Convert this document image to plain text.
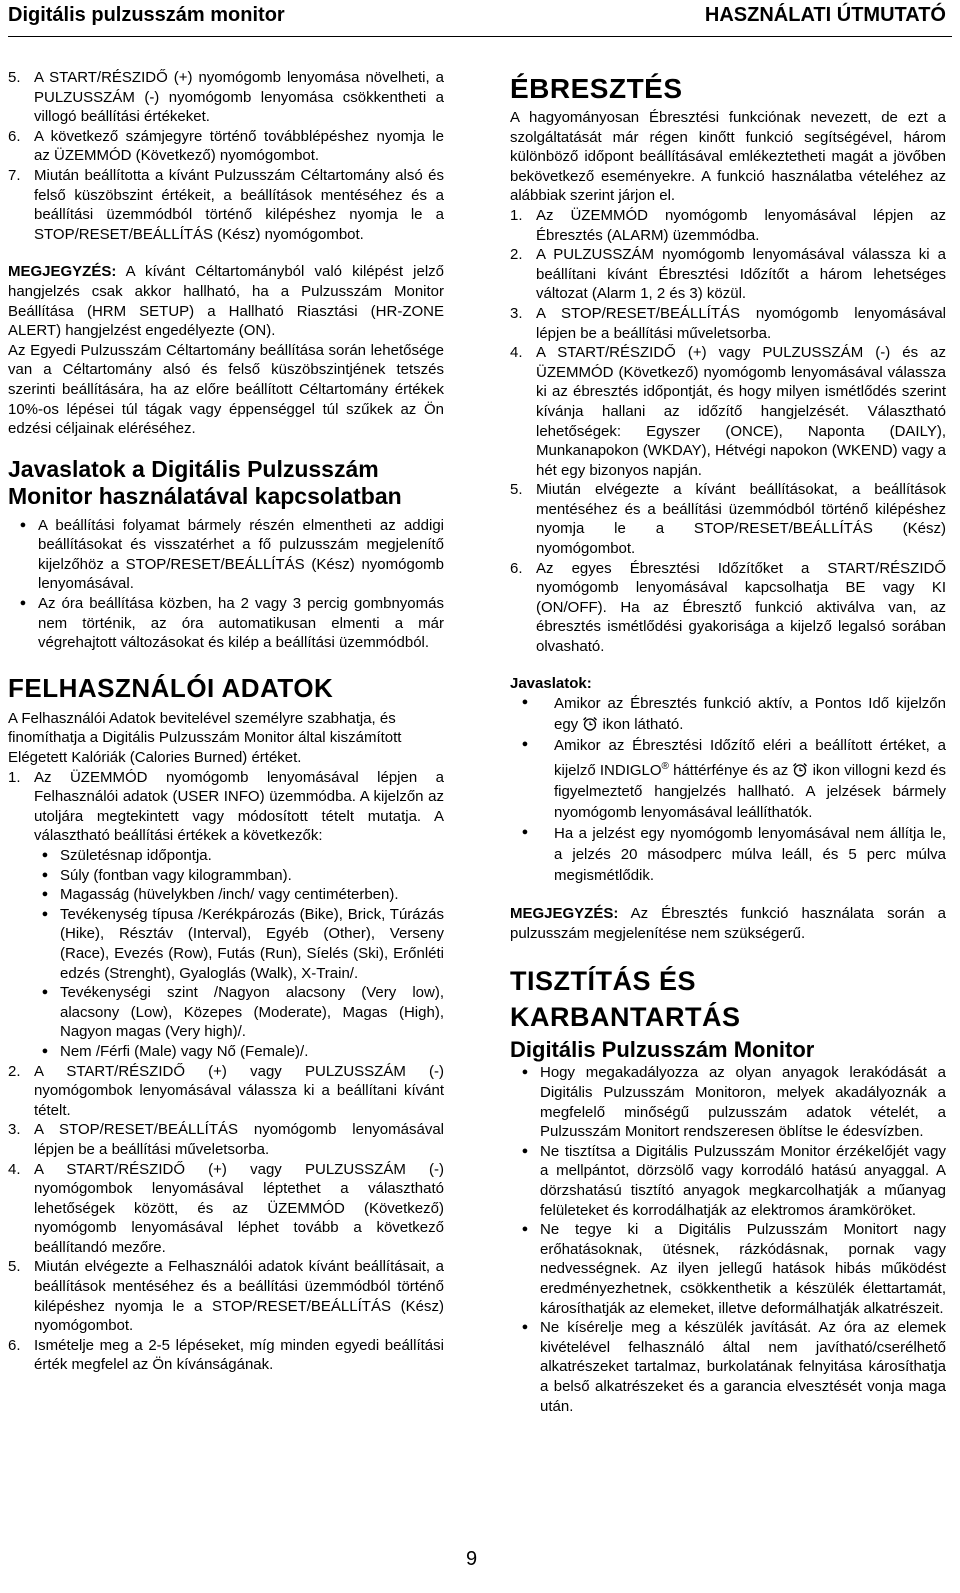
Digitális pulzusszám monitor	HASZNÁLATI ÚTMUTATÓ
5. A START/RÉSZIDŐ (+) nyomógomb lenyomása növelheti, a PULZUSSZÁM (-) nyomógomb lenyomása csökkentheti a villogó beállítási értékeket.
6. A következő számjegyre történő továbblépéshez nyomja le az ÜZEMMÓD (Következő) nyomógombot.
7. Miután beállította a kívánt Pulzusszám Céltartomány alsó és felső küszöbszint értékeit, a beállítások mentéséhez és a beállítási üzemmódból történő kilépéshez nyomja le a STOP/RESET/BEÁLLÍTÁS (Kész) nyomógombot.

MEGJEGYZÉS: A kívánt Céltartományból való kilépést jelző hangjelzés csak akkor hallható, ha a Pulzusszám Monitor Beállítása (HRM SETUP) a Hallható Riasztási (HR-ZONE ALERT) hangjelzést engedélyezte (ON).

Az Egyedi Pulzusszám Céltartomány beállítása során lehetősége van a Céltartomány alsó és felső küszöbszintjének tetszés szerinti beállítására, ha az előre beállított Céltartomány értékek 10%-os lépései túl tágak vagy éppenséggel túl szűkek az Ön edzési céljainak eléréséhez.

Javaslatok a Digitális Pulzusszám
Monitor használatával kapcsolatban
● A beállítási folyamat bármely részén elmentheti az addigi beállításokat és visszatérhet a fő pulzusszám megjelenítő kijelzőhöz a STOP/RESET/BEÁLLÍTÁS (Kész) nyomógomb lenyomásával.
● Az óra beállítása közben, ha 2 vagy 3 percig gombnyomás nem történik, az óra automatikusan elmenti a már végrehajtott változásokat és kilép a beállítási üzemmódból.
FELHASZNÁLÓI ADATOK

A Felhasználói Adatok bevitelével személyre szabhatja, és finomíthatja a Digitális Pulzusszám Monitor által kiszámított Elégetett Kalóriák (Calories Burned) értéket.

1. Az ÜZEMMÓD nyomógomb lenyomásával lépjen a Felhasználói adatok (USER INFO) üzemmódba. A kijelzőn az utoljára megtekintett vagy módosított tételt mutatja. A választható beállítási értékek a következők:
● Születésnap időpontja.
● Súly (fontban vagy kilogrammban).
● Magasság (hüvelykben /inch/ vagy centiméterben).
● Tevékenység típusa /Kerékpározás (Bike), Brick, Túrázás (Hike), Résztáv (Interval), Egyéb (Other), Verseny (Race), Evezés (Row), Futás (Run), Síelés (Ski), Erőnléti edzés (Strenght), Gyaloglás (Walk), X-Train/.
● Tevékenységi szint /Nagyon alacsony (Very low), alacsony (Low), Közepes (Moderate), Magas (High), Nagyon magas (Very high)/.
● Nem /Férfi (Male) vagy Nő (Female)/.
2. A START/RÉSZIDŐ (+) vagy PULZUSSZÁM (-) nyomógombok lenyomásával válassza ki a beállítani kívánt tételt.
3. A STOP/RESET/BEÁLLÍTÁS nyomógomb lenyomásával lépjen be a beállítási műveletsorba.
4. A START/RÉSZIDŐ (+) vagy PULZUSSZÁM (-) nyomógombok lenyomásával léptethet a választható lehetőségek között, és az ÜZEMMÓD (Következő) nyomógomb lenyomásával léphet tovább a következő beállítandó mezőre.
5. Miután elvégezte a Felhasználói adatok kívánt beállításait, a beállítások mentéséhez és a beállítási üzemmódból történő kilépéshez nyomja le a STOP/RESET/BEÁLLÍTÁS (Kész) nyomógombot.
6. Ismételje meg a 2-5 lépéseket, míg minden egyedi beállítási érték megfelel az Ön kívánságának.
ÉBRESZTÉS

A hagyományosan Ébresztési funkciónak nevezett, de ezt a szolgáltatását már régen kinőtt funkció segítségével, három különböző időpont beállításával emlékeztetheti magát a jövőben bekövetkező eseményekre. A funkció használatba vételéhez az alábbiak szerint járjon el.

1. Az ÜZEMMÓD nyomógomb lenyomásával lépjen az Ébresztés (ALARM) üzemmódba.
2. A PULZUSSZÁM nyomógomb lenyomásával válassza ki a beállítani kívánt Ébresztési Időzítőt a három lehetséges változat (Alarm 1, 2 és 3) közül.
3. A STOP/RESET/BEÁLLÍTÁS nyomógomb lenyomásával lépjen be a beállítási műveletsorba.
4. A START/RÉSZIDŐ (+) vagy PULZUSSZÁM (-) és az ÜZEMMÓD (Következő) nyomógomb lenyomásával válassza ki az ébresztés időpontját, és hogy milyen ismétlődés szerint kívánja hallani az időzítő hangjelzését. Választható lehetőségek: Egyszer (ONCE), Naponta (DAILY), Munkanapokon (WKDAY), Hétvégi napokon (WKEND) vagy a hét egy bizonyos napján.
5. Miután elvégezte a kívánt beállításokat, a beállítások mentéséhez és a beállítási üzemmódból történő kilépéshez nyomja le a STOP/RESET/BEÁLLÍTÁS (Kész) nyomógombot.
6. Az egyes Ébresztési Időzítőket a START/RÉSZIDŐ nyomógomb lenyomásával kapcsolhatja BE vagy KI (ON/OFF). Ha az Ébresztő funkció aktiválva van, az ébresztés ismétlődési gyakorisága a kijelző legalsó sorában olvasható.

Javaslatok:

●	Amikor az Ébresztés funkció aktív, a Pontos Idő kijelzőn egy  ikon látható.
●	Amikor az Ébresztési Időzítő eléri a beállított értéket, a kijelző INDIGLO® háttérfénye és az  ikon villogni kezd és figyelmeztető hangjelzés hallható. A jelzések bármely nyomógomb lenyomásával leállíthatók.
●	Ha a jelzést egy nyomógomb lenyomásával nem állítja le, a jelzés 20 másodperc múlva leáll, és 5 perc múlva megismétlődik.

MEGJEGYZÉS: Az Ébresztés funkció használata során a pulzusszám megjelenítése nem szükségerű.

TISZTÍTÁS ÉS
KARBANTARTÁS
Digitális Pulzusszám Monitor
● Hogy megakadályozza az olyan anyagok lerakódását a Digitális Pulzusszám Monitoron, melyek akadályoznák a megfelelő minőségű pulzusszám adatok vételét, a Pulzusszám Monitort rendszeresen öblítse le édesvízben.
● Ne tisztítsa a Digitális Pulzusszám Monitor érzékelőjét vagy a mellpántot, dörzsölő vagy korrodáló hatású anyaggal. A dörzshatású tisztító anyagok megkarcolhatják a műanyag felületeket és korrodálhatják az elektromos áramköröket.
● Ne tegye ki a Digitális Pulzusszám Monitort nagy erőhatásoknak, ütésnek, rázkódásnak, pornak vagy nedvességnek. Az ilyen jellegű hatások hibás működést eredményezhetnek, csökkenthetik a készülék élettartamát, károsíthatják az elemeket, illetve deformálhatják alkatrészeit.
● Ne kísérelje meg a készülék javítását. Az óra az elemek kivételével felhasználó által nem javítható/cserélhető alkatrészeket tartalmaz, burkolatának felnyitása károsíthatja a belső alkatrészeket és a garancia elvesztését vonja maga után.
9
